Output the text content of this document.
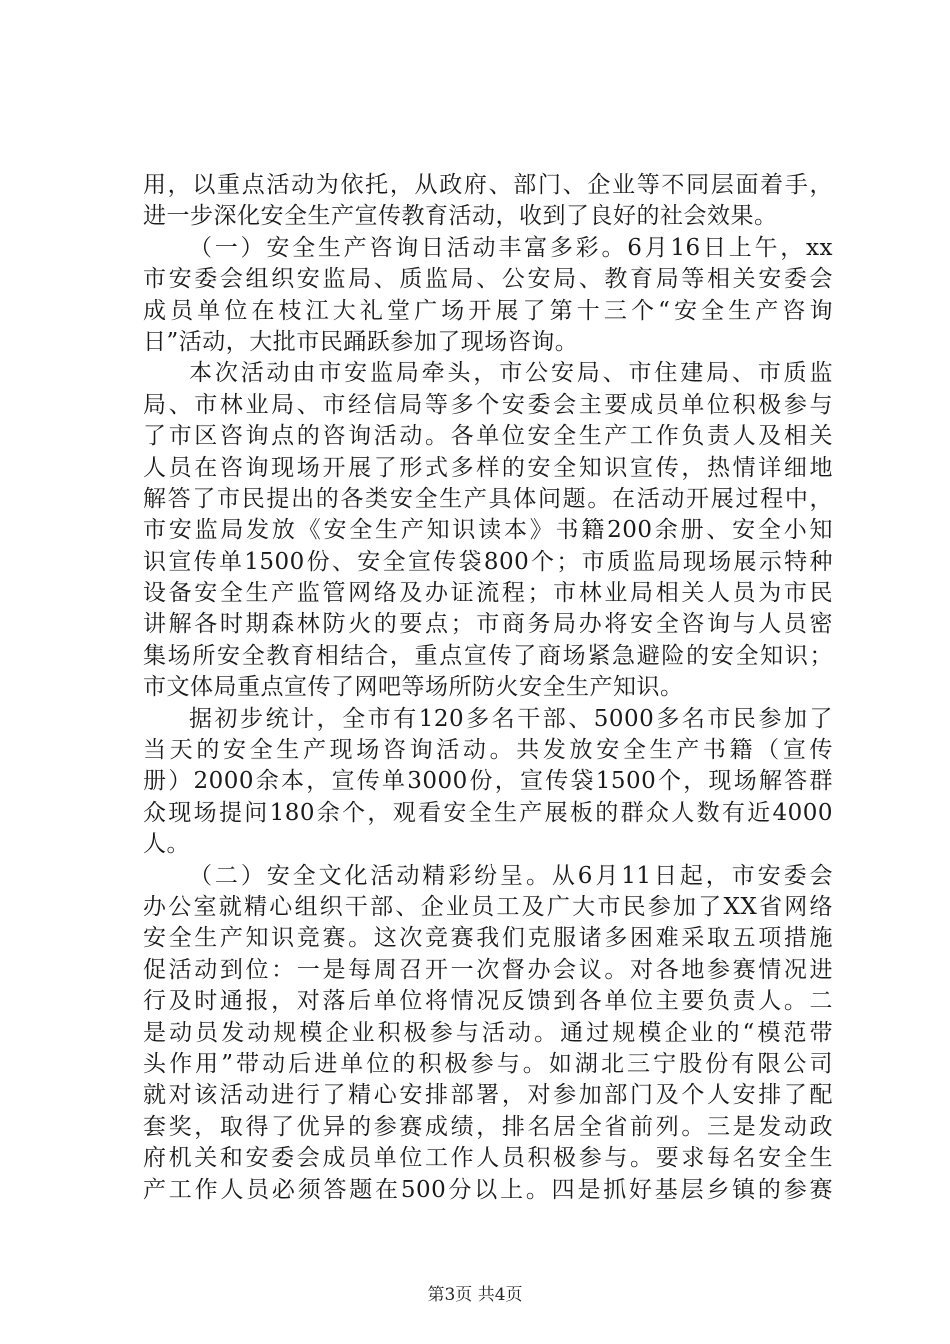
用，以重点活动为依托，从政府、部门、企业等不同层面着手，
进一步深化安全生产宣传教育活动，收到了良好的社会效果。
（一）安全生产咨询日活动丰富多彩。6月16日上午，xx
市安委会组织安监局、质监局、公安局、教育局等相关安委会
成员单位在枝江大礼堂广场开展了第十三个“安全生产咨询
日”活动，大批市民踊跃参加了现场咨询。
本次活动由市安监局牵头，市公安局、市住建局、市质监
局、市林业局、市经信局等多个安委会主要成员单位积极参与
了市区咨询点的咨询活动。各单位安全生产工作负责人及相关
人员在咨询现场开展了形式多样的安全知识宣传，热情详细地
解答了市民提出的各类安全生产具体问题。在活动开展过程中，
市安监局发放《安全生产知识读本》书籍200余册、安全小知
识宣传单1500份、安全宣传袋800个；市质监局现场展示特种
设备安全生产监管网络及办证流程；市林业局相关人员为市民
讲解各时期森林防火的要点；市商务局办将安全咨询与人员密
集场所安全教育相结合，重点宣传了商场紧急避险的安全知识；
市文体局重点宣传了网吧等场所防火安全生产知识。
据初步统计，全市有120多名干部、5000多名市民参加了
当天的安全生产现场咨询活动。共发放安全生产书籍（宣传
册）2000余本，宣传单3000份，宣传袋1500个，现场解答群
众现场提问180余个，观看安全生产展板的群众人数有近4000
人。
（二）安全文化活动精彩纷呈。从6月11日起，市安委会
办公室就精心组织干部、企业员工及广大市民参加了XX省网络
安全生产知识竞赛。这次竞赛我们克服诸多困难采取五项措施
促活动到位：一是每周召开一次督办会议。对各地参赛情况进
行及时通报，对落后单位将情况反馈到各单位主要负责人。二
是动员发动规模企业积极参与活动。通过规模企业的“模范带
头作用”带动后进单位的积极参与。如湖北三宁股份有限公司
就对该活动进行了精心安排部署，对参加部门及个人安排了配
套奖，取得了优异的参赛成绩，排名居全省前列。三是发动政
府机关和安委会成员单位工作人员积极参与。要求每名安全生
产工作人员必须答题在500分以上。四是抓好基层乡镇的参赛
第3页 共4页
